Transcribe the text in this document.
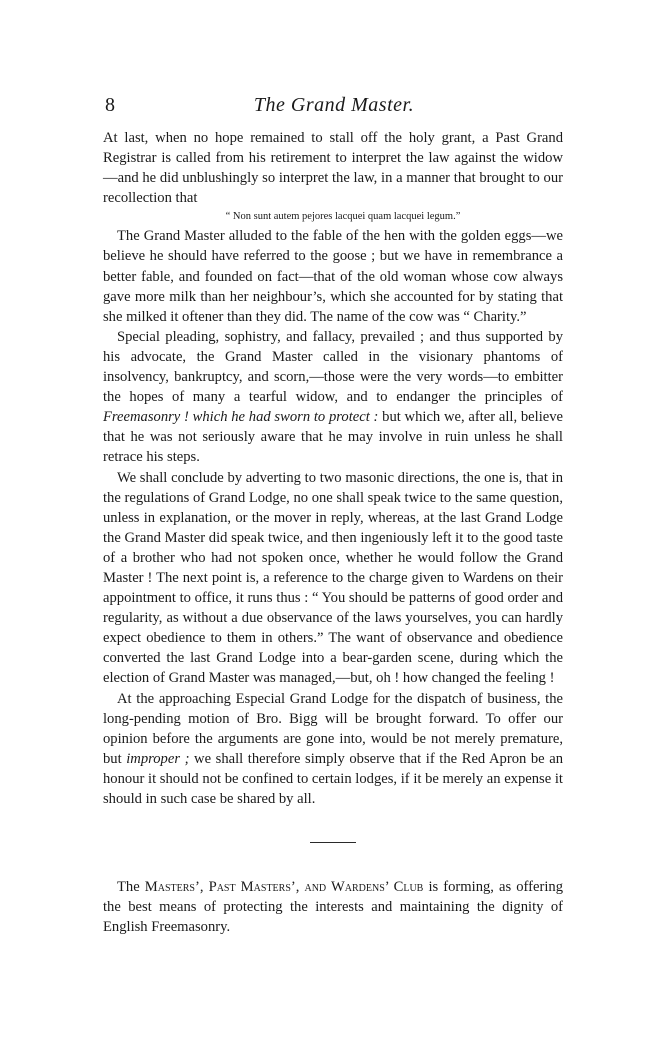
8	The Grand Master.

At last, when no hope remained to stall off the holy grant, a Past Grand Registrar is called from his retirement to interpret the law against the widow—and he did unblushingly so interpret the law, in a manner that brought to our recollection that

“ Non sunt autem pejores lacquei quam lacquei legum.”

The Grand Master alluded to the fable of the hen with the golden eggs—we believe he should have referred to the goose ; but we have in remembrance a better fable, and founded on fact—that of the old woman whose cow always gave more milk than her neighbour’s, which she accounted for by stating that she milked it oftener than they did. The name of the cow was “ Charity.”

Special pleading, sophistry, and fallacy, prevailed ; and thus supported by his advocate, the Grand Master called in the visionary phantoms of insolvency, bankruptcy, and scorn,—those were the very words—to embitter the hopes of many a tearful widow, and to endanger the principles of Freemasonry ! which he had sworn to protect : but which we, after all, believe that he was not seriously aware that he may involve in ruin unless he shall retrace his steps.

We shall conclude by adverting to two masonic directions, the one is, that in the regulations of Grand Lodge, no one shall speak twice to the same question, unless in explanation, or the mover in reply, whereas, at the last Grand Lodge the Grand Master did speak twice, and then ingeniously left it to the good taste of a brother who had not spoken once, whether he would follow the Grand Master ! The next point is, a reference to the charge given to Wardens on their appointment to office, it runs thus : “ You should be patterns of good order and regularity, as without a due observance of the laws yourselves, you can hardly expect obedience to them in others.” The want of observance and obedience converted the last Grand Lodge into a bear-garden scene, during which the election of Grand Master was managed,—but, oh ! how changed the feeling !

At the approaching Especial Grand Lodge for the dispatch of business, the long-pending motion of Bro. Bigg will be brought forward. To offer our opinion before the arguments are gone into, would be not merely premature, but improper ; we shall therefore simply observe that if the Red Apron be an honour it should not be confined to certain lodges, if it be merely an expense it should in such case be shared by all.

The Masters’, Past Masters’, and Wardens’ Club is forming, as offering the best means of protecting the interests and maintaining the dignity of English Freemasonry.
